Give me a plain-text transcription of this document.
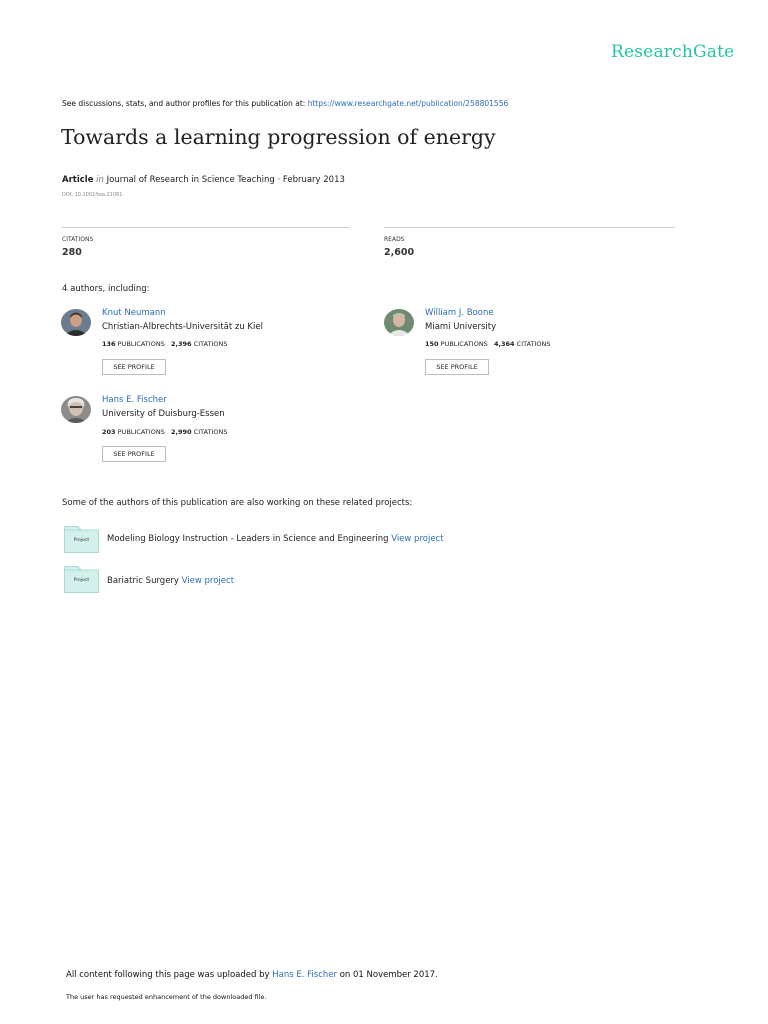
ResearchGate
See discussions, stats, and author profiles for this publication at: https://www.researchgate.net/publication/258801556
Towards a learning progression of energy
Article in Journal of Research in Science Teaching · February 2013
DOI: 10.1002/tea.21061
CITATIONS
280
READS
2,600
4 authors, including:
Knut Neumann
Christian-Albrechts-Universität zu Kiel
136 PUBLICATIONS 2,396 CITATIONS
SEE PROFILE
William J. Boone
Miami University
150 PUBLICATIONS 4,364 CITATIONS
SEE PROFILE
Hans E. Fischer
University of Duisburg-Essen
203 PUBLICATIONS 2,990 CITATIONS
SEE PROFILE
Some of the authors of this publication are also working on these related projects:
Project	Modeling Biology Instruction - Leaders in Science and Engineering View project
Project	Bariatric Surgery View project
All content following this page was uploaded by Hans E. Fischer on 01 November 2017.
The user has requested enhancement of the downloaded file.
